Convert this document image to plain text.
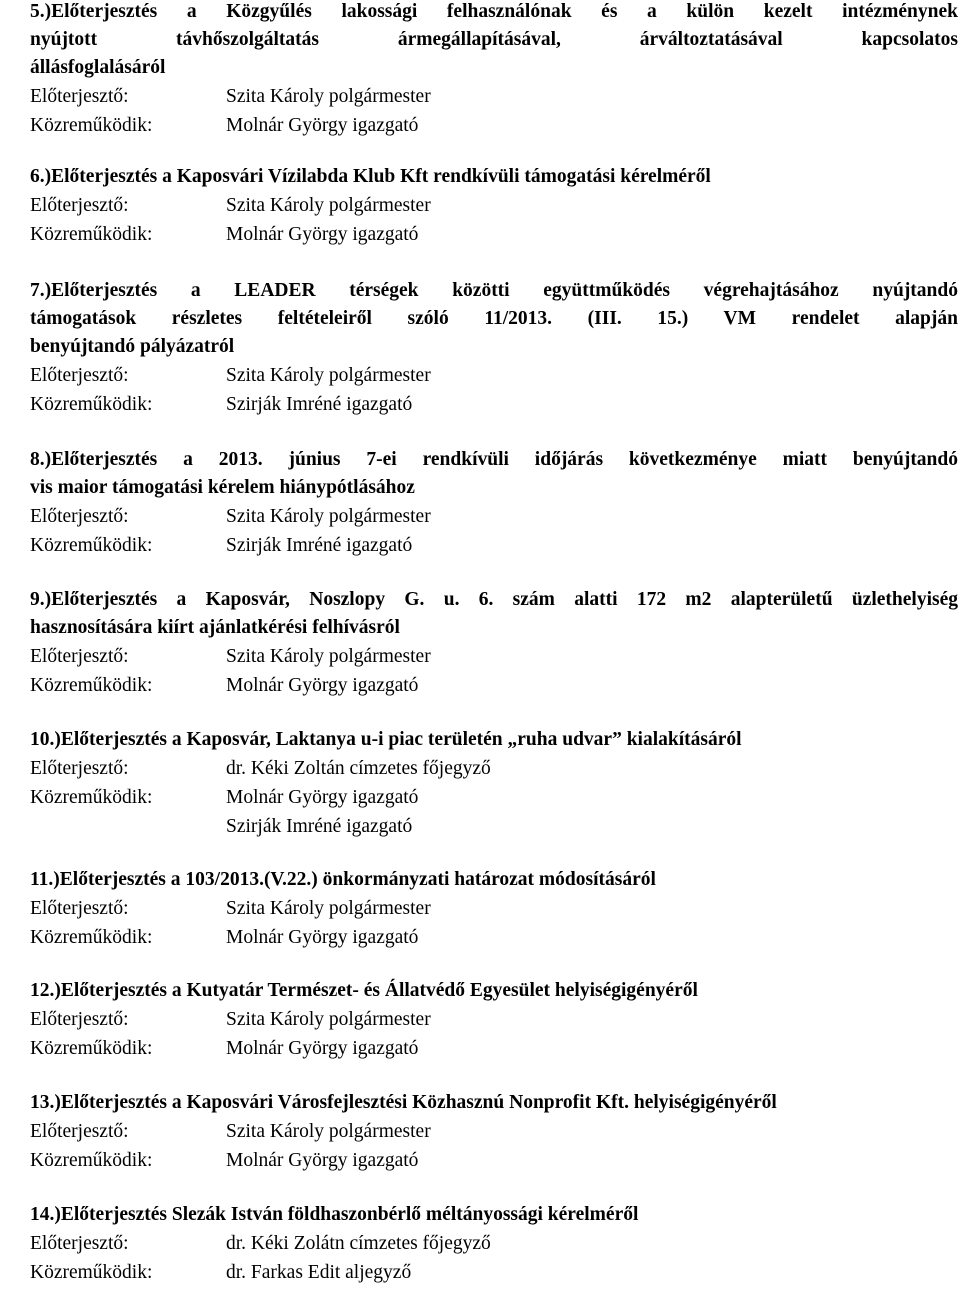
5.)Előterjesztés a Közgyűlés lakossági felhasználónak és a külön kezelt intézménynek
nyújtott távhőszolgáltatás ármegállapításával, árváltoztatásával kapcsolatos
állásfoglalásáról
Előterjesztő:	Szita Károly polgármester
Közreműködik:	Molnár György igazgató
6.)Előterjesztés a Kaposvári Vízilabda Klub Kft rendkívüli támogatási kérelméről
Előterjesztő:	Szita Károly polgármester
Közreműködik:	Molnár György igazgató
7.)Előterjesztés a LEADER térségek közötti együttműködés végrehajtásához nyújtandó
támogatások részletes feltételeiről szóló 11/2013. (III. 15.) VM rendelet alapján
benyújtandó pályázatról
Előterjesztő:	Szita Károly polgármester
Közreműködik:	Szirják Imréné igazgató
8.)Előterjesztés a 2013. június 7-ei rendkívüli időjárás következménye miatt benyújtandó
vis maior támogatási kérelem hiánypótlásához
Előterjesztő:	Szita Károly polgármester
Közreműködik:	Szirják Imréné igazgató
9.)Előterjesztés a Kaposvár, Noszlopy G. u. 6. szám alatti 172 m2 alapterületű üzlethelyiség
hasznosítására kiírt ajánlatkérési felhívásról
Előterjesztő:	Szita Károly polgármester
Közreműködik:	Molnár György igazgató
10.)Előterjesztés a Kaposvár, Laktanya u-i piac területén „ruha udvar” kialakításáról
Előterjesztő:	dr. Kéki Zoltán címzetes főjegyző
Közreműködik:	Molnár György igazgató
Szirják Imréné igazgató
11.)Előterjesztés a 103/2013.(V.22.) önkormányzati határozat módosításáról
Előterjesztő:	Szita Károly polgármester
Közreműködik:	Molnár György igazgató
12.)Előterjesztés a Kutyatár Természet- és Állatvédő Egyesület helyiségigényéről
Előterjesztő:	Szita Károly polgármester
Közreműködik:	Molnár György igazgató
13.)Előterjesztés a Kaposvári Városfejlesztési Közhasznú Nonprofit Kft. helyiségigényéről
Előterjesztő:	Szita Károly polgármester
Közreműködik:	Molnár György igazgató
14.)Előterjesztés Slezák István földhaszonbérlő méltányossági kérelméről
Előterjesztő:	dr. Kéki Zolátn címzetes főjegyző
Közreműködik:	dr. Farkas Edit aljegyző
